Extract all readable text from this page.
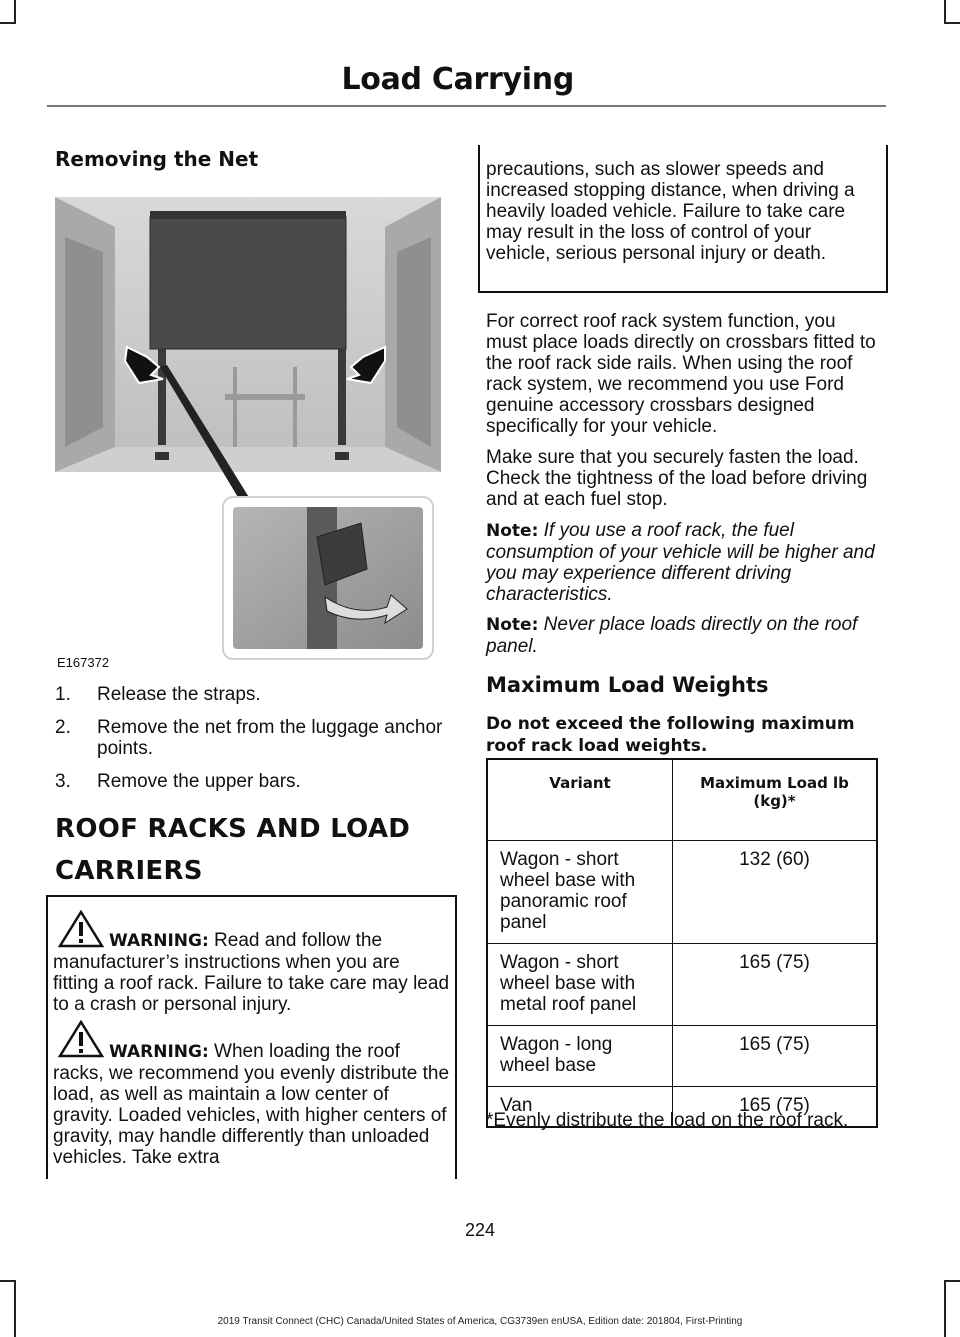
Load Carrying
Removing the Net
E167372
1. Release the straps.
2. Remove the net from the luggage anchor points.
3. Remove the upper bars.
ROOF RACKS AND LOAD
CARRIERS

WARNING: Read and follow the manufacturer’s instructions when you are fitting a roof rack. Failure to take care may lead to a crash or personal injury.

WARNING: When loading the roof racks, we recommend you evenly distribute the load, as well as maintain a low center of gravity. Loaded vehicles, with higher centers of gravity, may handle differently than unloaded vehicles. Take extra

precautions, such as slower speeds and increased stopping distance, when driving a heavily loaded vehicle. Failure to take care may result in the loss of control of your vehicle, serious personal injury or death.

For correct roof rack system function, you must place loads directly on crossbars fitted to the roof rack side rails. When using the roof rack system, we recommend you use Ford genuine accessory crossbars designed specifically for your vehicle.

Make sure that you securely fasten the load. Check the tightness of the load before driving and at each fuel stop.

Note: If you use a roof rack, the fuel consumption of your vehicle will be higher and you may experience different driving characteristics.

Note: Never place loads directly on the roof panel.

Maximum Load Weights

Do not exceed the following maximum roof rack load weights.

Variant	Maximum Load lb (kg)*
Wagon - short wheel base with panoramic roof panel	132 (60)
Wagon - short wheel base with metal roof panel	165 (75)
Wagon - long wheel base	165 (75)
Van	165 (75)

*Evenly distribute the load on the roof rack.

224
2019 Transit Connect (CHC) Canada/United States of America, CG3739en enUSA, Edition date: 201804, First-Printing
